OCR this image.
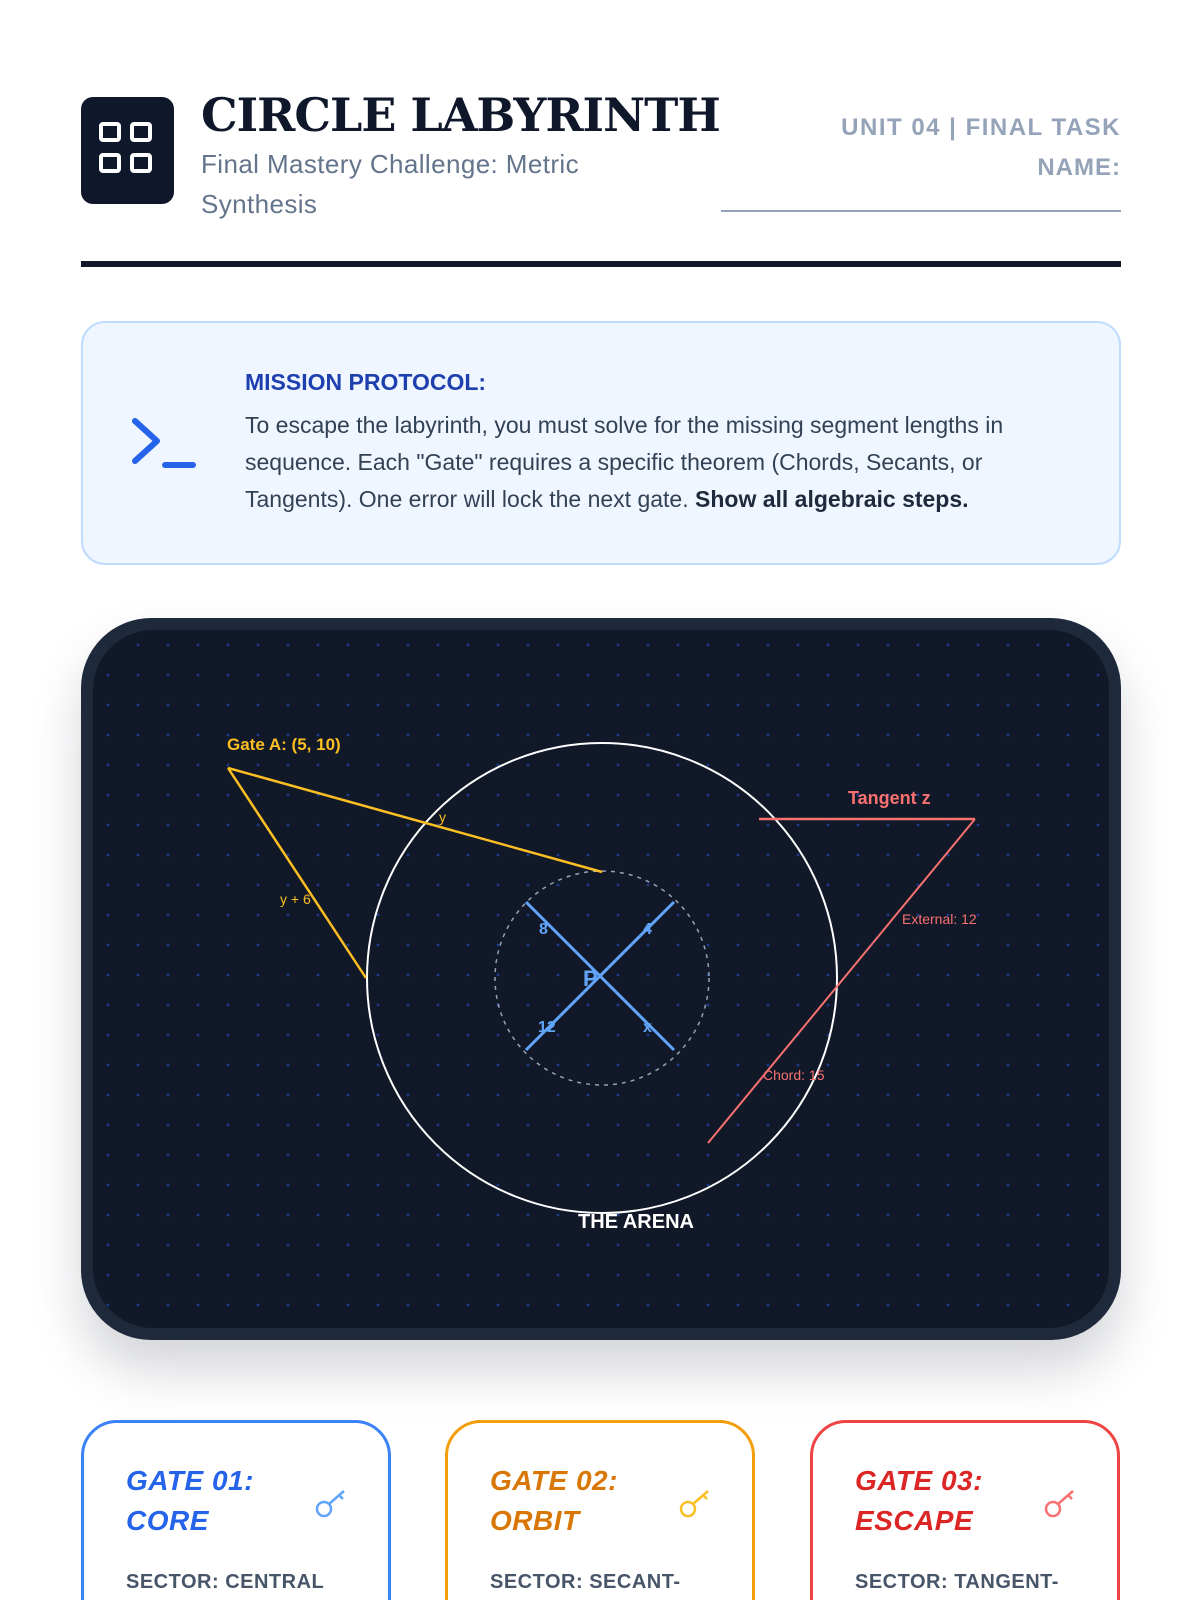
CIRCLE LABYRINTH
Final Mastery Challenge: Metric Synthesis
UNIT 04 | FINAL TASK
NAME:
MISSION PROTOCOL:
To escape the labyrinth, you must solve for the missing segment lengths in sequence. Each "Gate" requires a specific theorem (Chords, Secants, or Tangents). One error will lock the next gate. Show all algebraic steps.
Gate A: (5, 10)
y
y + 6
Tangent z
External: 12
Chord: 15
P
8	4
12	x
THE ARENA
GATE 01: CORE
SECTOR: CENTRAL
GATE 02: ORBIT
SECTOR: SECANT-
GATE 03: ESCAPE
SECTOR: TANGENT-
